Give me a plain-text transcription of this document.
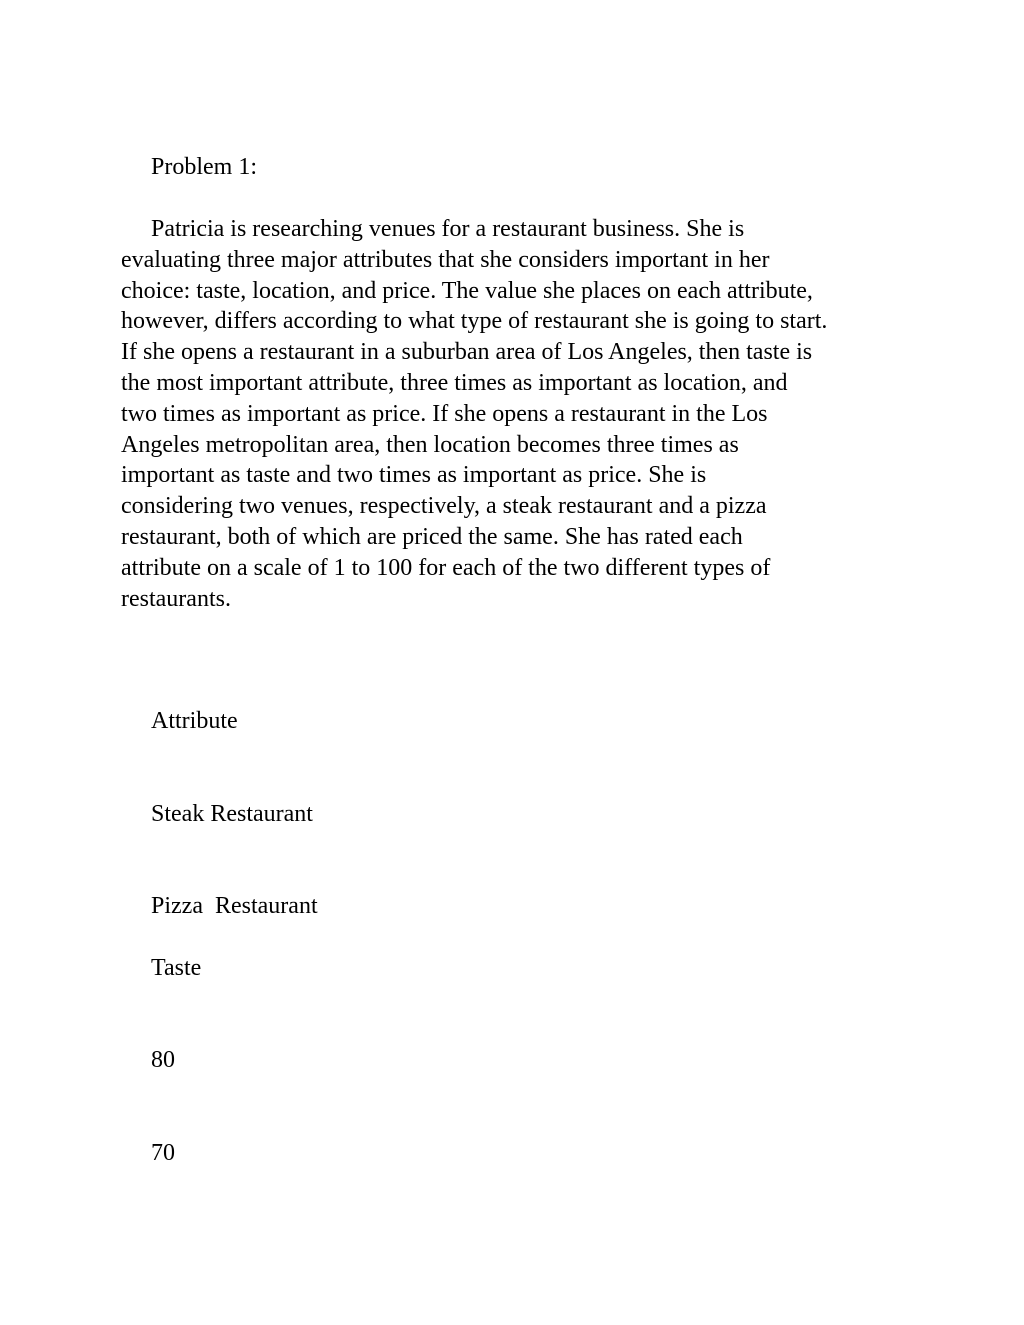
Problem 1:

Patricia is researching venues for a restaurant business. She is
evaluating three major attributes that she considers important in her
choice: taste, location, and price. The value she places on each attribute,
however, differs according to what type of restaurant she is going to start.
If she opens a restaurant in a suburban area of Los Angeles, then taste is
the most important attribute, three times as important as location, and
two times as important as price. If she opens a restaurant in the Los
Angeles metropolitan area, then location becomes three times as
important as taste and two times as important as price. She is
considering two venues, respectively, a steak restaurant and a pizza
restaurant, both of which are priced the same. She has rated each
attribute on a scale of 1 to 100 for each of the two different types of
restaurants.

Attribute

Steak Restaurant

Pizza  Restaurant

Taste

80

70
